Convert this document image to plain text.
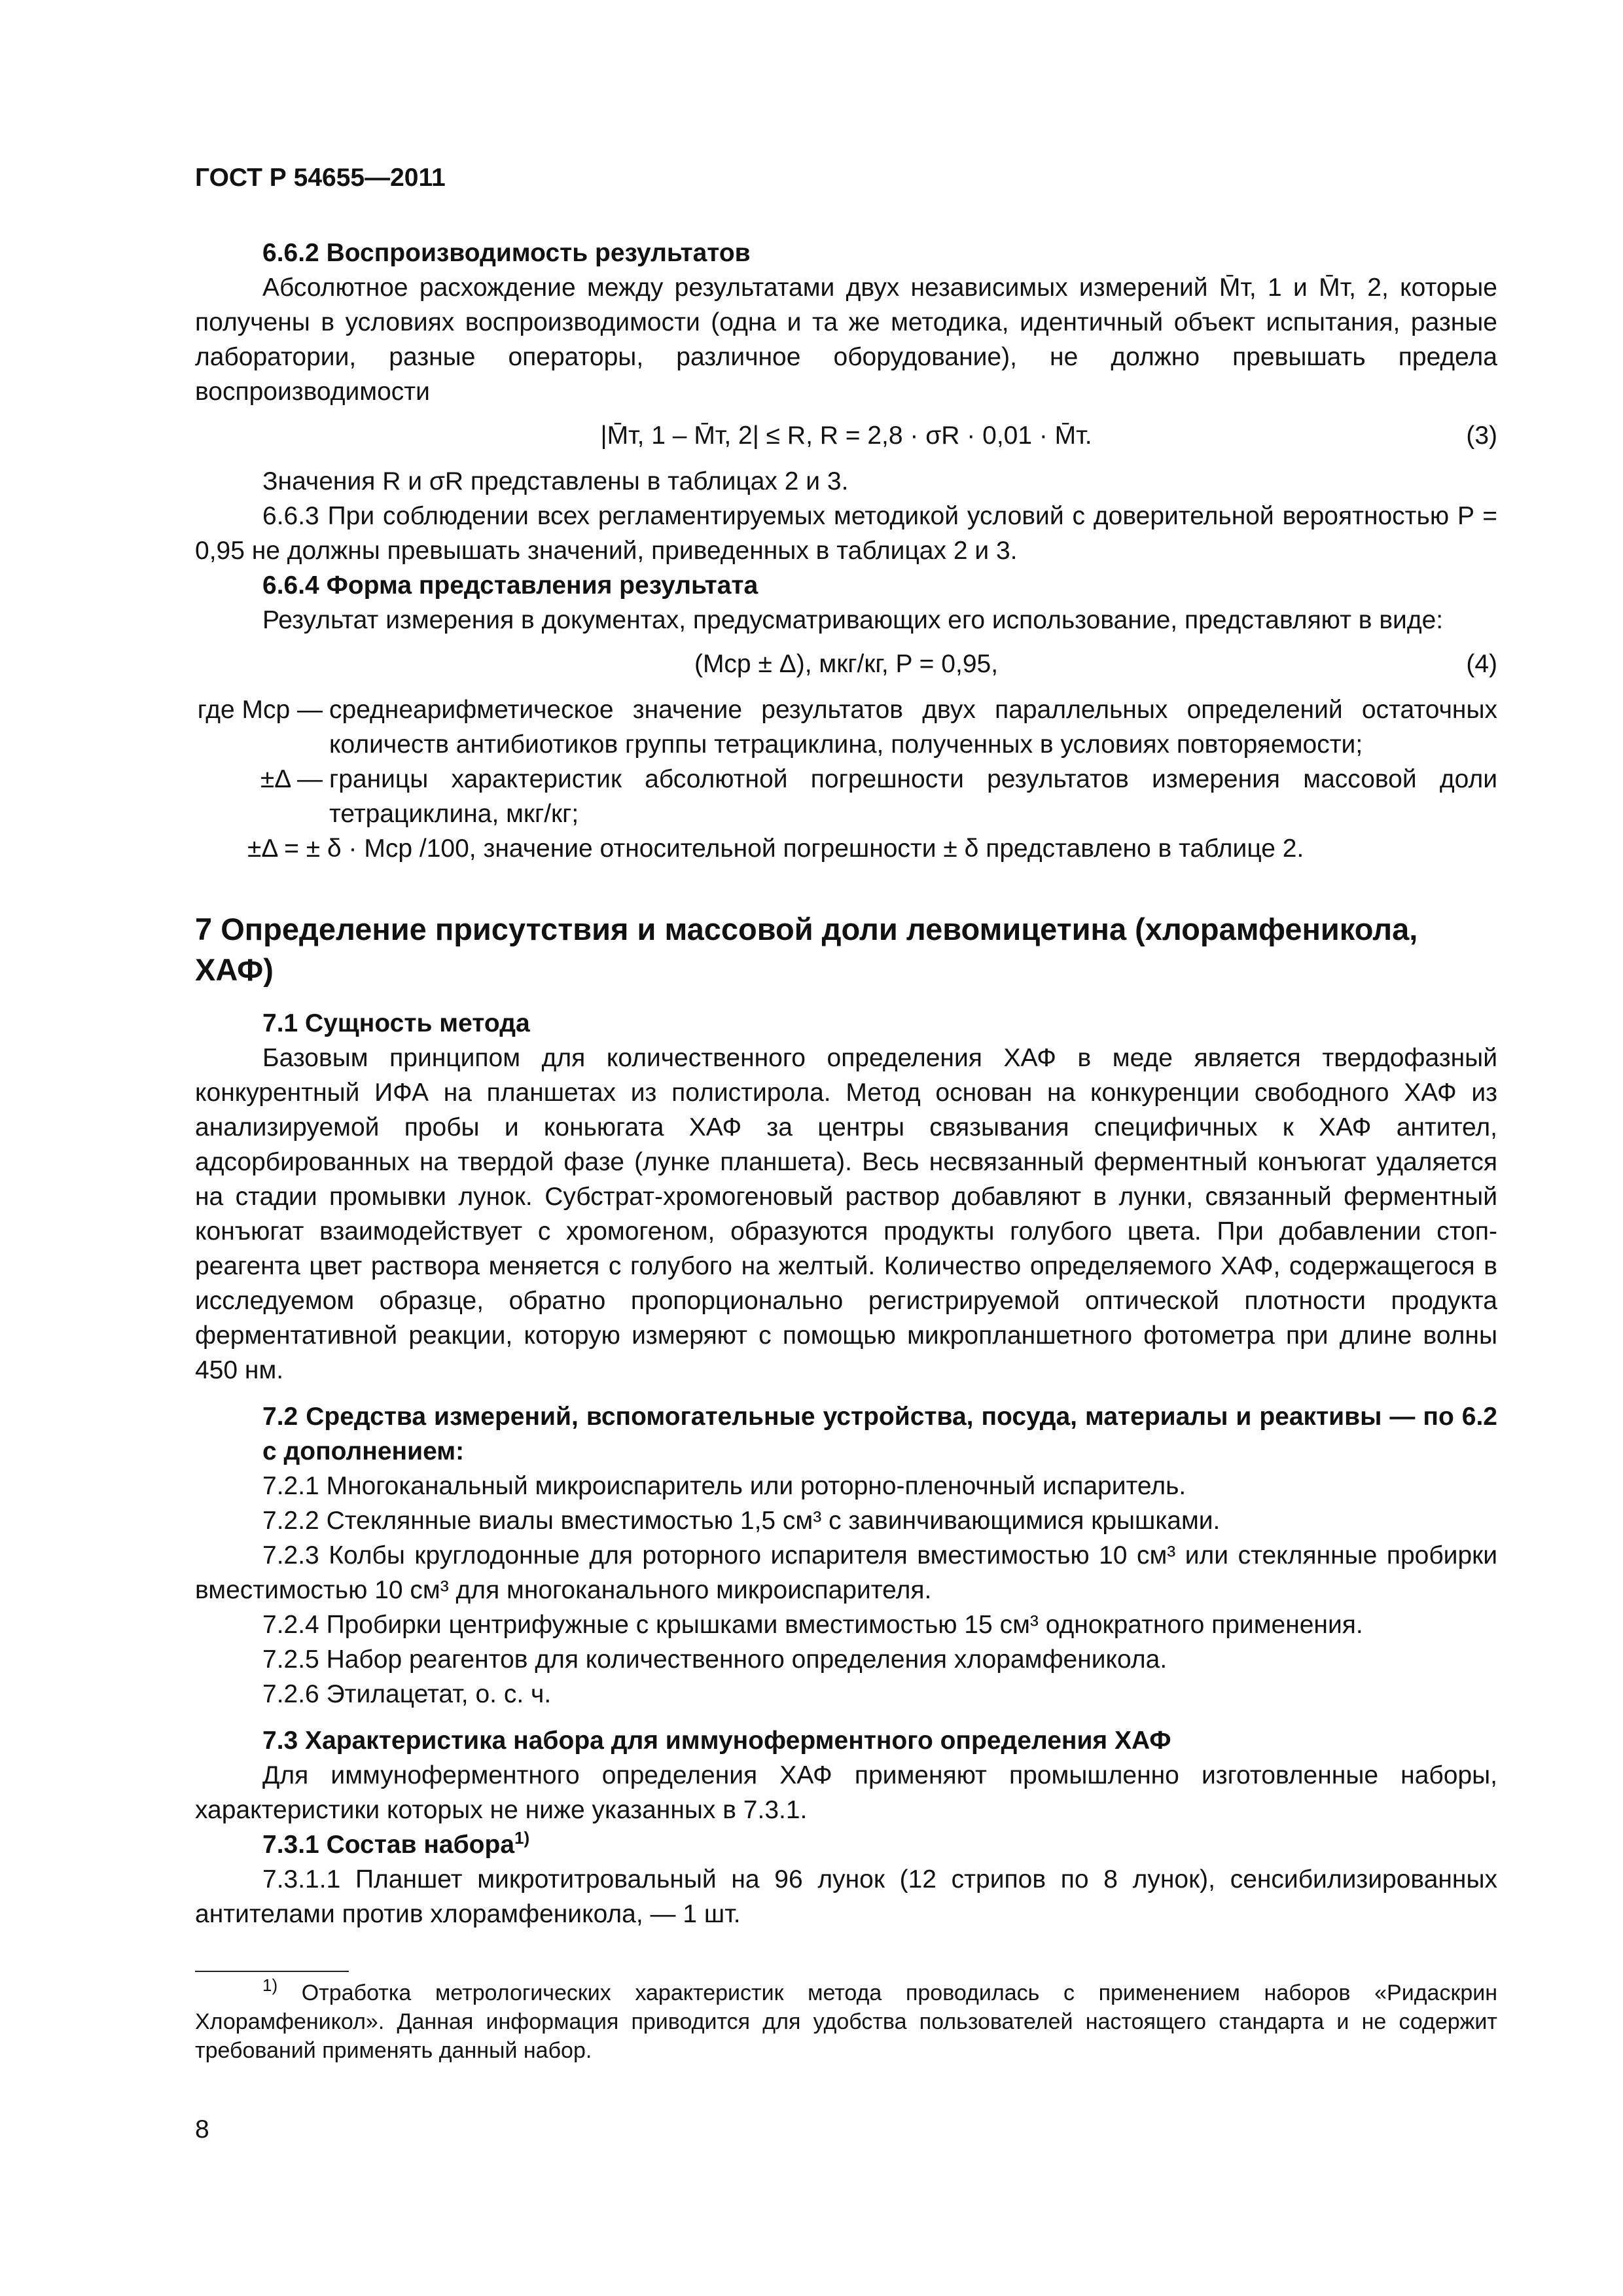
ГОСТ Р 54655—2011

6.6.2 Воспроизводимость результатов

Абсолютное расхождение между результатами двух независимых измерений M̄т, 1 и M̄т, 2, которые получены в условиях воспроизводимости (одна и та же методика, идентичный объект испытания, разные лаборатории, разные операторы, различное оборудование), не должно превышать предела воспроизводимости

|M̄т, 1 – M̄т, 2| ≤ R, R = 2,8 · σR · 0,01 · M̄т.	(3)

Значения R и σR представлены в таблицах 2 и 3.

6.6.3 При соблюдении всех регламентируемых методикой условий с доверительной вероятностью P = 0,95 не должны превышать значений, приведенных в таблицах 2 и 3.

6.6.4 Форма представления результата

Результат измерения в документах, предусматривающих его использование, представляют в виде:

(Mср ± Δ), мкг/кг, P = 0,95,	(4)
где Mср — среднеарифметическое значение результатов двух параллельных определений остаточных количеств антибиотиков группы тетрациклина, полученных в условиях повторяемости;
±Δ — границы характеристик абсолютной погрешности результатов измерения массовой доли тетрациклина, мкг/кг;

±Δ = ± δ · Mср /100, значение относительной погрешности ± δ представлено в таблице 2.

7 Определение присутствия и массовой доли левомицетина (хлорамфеникола, ХАФ)

7.1 Сущность метода

Базовым принципом для количественного определения ХАФ в меде является твердофазный конкурентный ИФА на планшетах из полистирола. Метод основан на конкуренции свободного ХАФ из анализируемой пробы и коньюгата ХАФ за центры связывания специфичных к ХАФ антител, адсорбированных на твердой фазе (лунке планшета). Весь несвязанный ферментный конъюгат удаляется на стадии промывки лунок. Субстрат-хромогеновый раствор добавляют в лунки, связанный ферментный конъюгат взаимодействует с хромогеном, образуются продукты голубого цвета. При добавлении стоп-реагента цвет раствора меняется с голубого на желтый. Количество определяемого ХАФ, содержащегося в исследуемом образце, обратно пропорционально регистрируемой оптической плотности продукта ферментативной реакции, которую измеряют с помощью микропланшетного фотометра при длине волны 450 нм.

7.2 Средства измерений, вспомогательные устройства, посуда, материалы и реактивы — по 6.2 с дополнением:

7.2.1 Многоканальный микроиспаритель или роторно-пленочный испаритель.

7.2.2 Стеклянные виалы вместимостью 1,5 см³ с завинчивающимися крышками.

7.2.3 Колбы круглодонные для роторного испарителя вместимостью 10 см³ или стеклянные пробирки вместимостью 10 см³ для многоканального микроиспарителя.

7.2.4 Пробирки центрифужные с крышками вместимостью 15 см³ однократного применения.

7.2.5 Набор реагентов для количественного определения хлорамфеникола.

7.2.6 Этилацетат, о. с. ч.

7.3 Характеристика набора для иммуноферментного определения ХАФ

Для иммуноферментного определения ХАФ применяют промышленно изготовленные наборы, характеристики которых не ниже указанных в 7.3.1.

7.3.1 Состав набора$^{1)}$

7.3.1.1 Планшет микротитровальный на 96 лунок (12 стрипов по 8 лунок), сенсибилизированных антителами против хлорамфеникола, — 1 шт.

$^{1)}$ Отработка метрологических характеристик метода проводилась с применением наборов «Ридаскрин Хлорамфеникол». Данная информация приводится для удобства пользователей настоящего стандарта и не содержит требований применять данный набор.

8
